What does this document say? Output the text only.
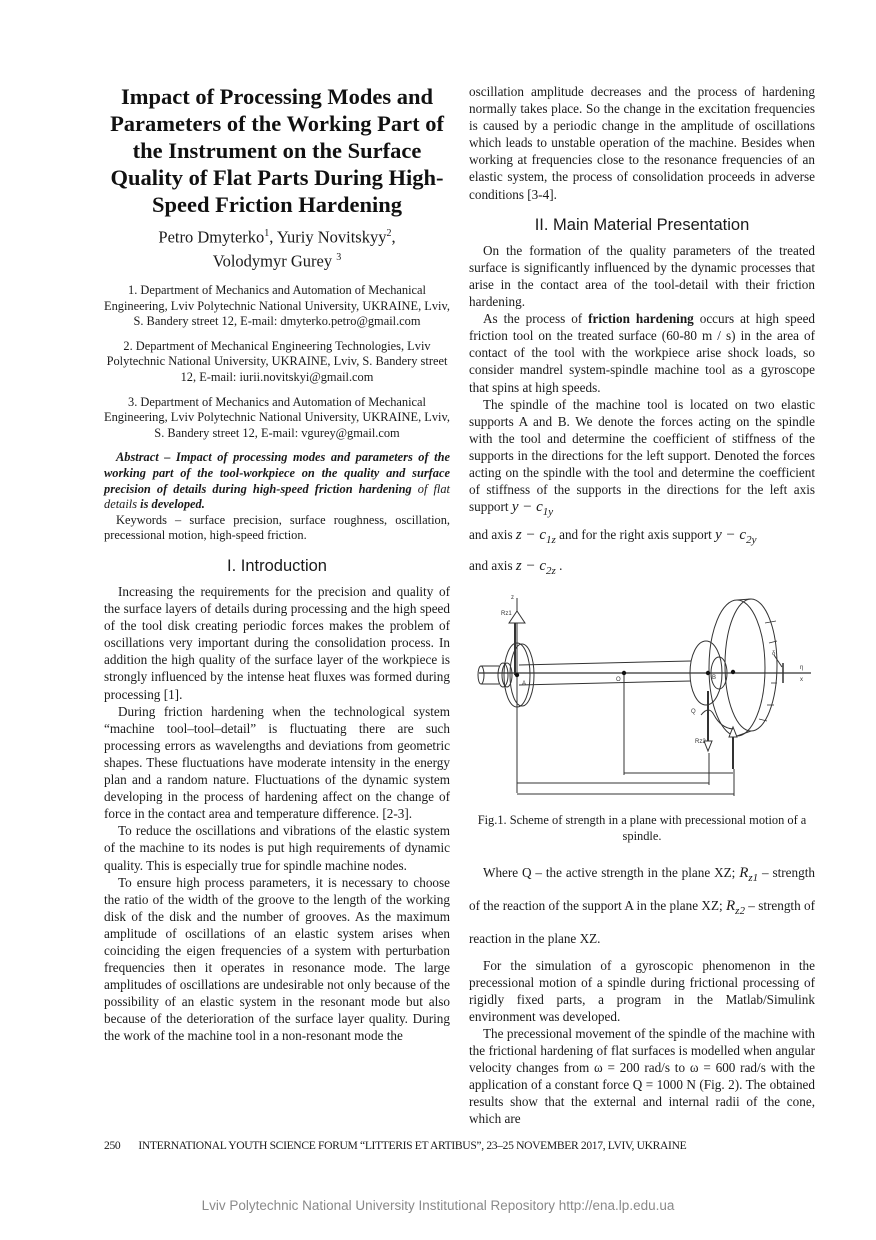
Impact of Processing Modes and Parameters of the Working Part of the Instrument on the Surface Quality of Flat Parts During High-Speed Friction Hardening
Petro Dmyterko$^1$, Yuriy Novitskyy$^2$,
Volodymyr Gurey $^3$
1. Department of Mechanics and Automation of Mechanical Engineering, Lviv Polytechnic National University, UKRAINE, Lviv, S. Bandery street 12, E-mail: dmyterko.petro@gmail.com
2. Department of Mechanical Engineering Technologies, Lviv Polytechnic National University, UKRAINE, Lviv, S. Bandery street 12, E-mail: iurii.novitskyi@gmail.com
3. Department of Mechanics and Automation of Mechanical Engineering, Lviv Polytechnic National University, UKRAINE, Lviv, S. Bandery street 12, E-mail: vgurey@gmail.com
Abstract – Impact of processing modes and parameters of the working part of the tool-workpiece on the quality and surface precision of details during high-speed friction hardening of flat details is developed.
Keywords – surface precision, surface roughness, oscillation, precessional motion, high-speed friction.
I. Introduction

Increasing the requirements for the precision and quality of the surface layers of details during processing and the high speed of the tool disk creating periodic forces makes the problem of oscillations very important during the consolidation process. In addition the high quality of the surface layer of the workpiece is strongly influenced by the intense heat fluxes was formed during processing [1].

During friction hardening when the technological system “machine tool–tool–detail” is fluctuating there are such processing errors as wavelengths and deviations from geometric shapes. These fluctuations have moderate intensity in the energy plan and a random nature. Fluctuations of the dynamic system developing in the process of hardening affect on the change of force in the contact area and temperature difference. [2-3].

To reduce the oscillations and vibrations of the elastic system of the machine to its nodes is put high requirements of dynamic quality. This is especially true for spindle machine nodes.

To ensure high process parameters, it is necessary to choose the ratio of the width of the groove to the length of the working disk of the disk and the number of grooves. As the maximum amplitude of oscillations of an elastic system arises when coinciding the eigen frequencies of a system with perturbation frequencies then it operates in resonance mode. The large amplitudes of oscillations are undesirable not only because of the possibility of an elastic system in the resonant mode but also because of the deterioration of the surface layer quality. During the work of the machine tool in a non-resonant mode the

oscillation amplitude decreases and the process of hardening normally takes place. So the change in the excitation frequencies is caused by a periodic change in the amplitude of oscillations which leads to unstable operation of the machine. Besides when working at frequencies close to the resonance frequencies of an elastic system, the process of consolidation proceeds in adverse conditions [3-4].

II. Main Material Presentation

On the formation of the quality parameters of the treated surface is significantly influenced by the dynamic processes that arise in the contact area of the tool-detail with their friction hardening.

As the process of friction hardening occurs at high speed friction tool on the treated surface (60-80 m / s) in the area of contact of the tool with the workpiece arise shock loads, so consider mandrel system-spindle machine tool as a gyroscope that spins at high speeds.

The spindle of the machine tool is located on two elastic supports A and B. We denote the forces acting on the spindle with the tool and determine the coefficient of stiffness of the supports in the directions for the left support. Denoted the forces acting on the spindle with the tool and determine the coefficient of stiffness of the supports in the directions for the left axis support $y - c_{1y}$

and axis $z - c_{1z}$ and for the right axis support $y - c_{2y}$
and axis $z - c_{2z}$ .
z
Rz1
A
O	B
δ
η
x
Q
Rz2
Fig.1. Scheme of strength in a plane with precessional motion of a spindle.

Where Q – the active strength in the plane XZ; $R_{z1}$ – strength of the reaction of the support A in the plane XZ; $R_{z2}$ – strength of reaction in the plane XZ.

For the simulation of a gyroscopic phenomenon in the precessional motion of a spindle during frictional processing of rigidly fixed parts, a program in the Matlab/Simulink environment was developed.

The precessional movement of the spindle of the machine with the frictional hardening of flat surfaces is modelled when angular velocity changes from ω = 200 rad/s to ω = 600 rad/s with the application of a constant force Q = 1000 N (Fig. 2). The obtained results show that the external and internal radii of the cone, which are

250 INTERNATIONAL YOUTH SCIENCE FORUM “LITTERIS ET ARTIBUS”, 23–25 NOVEMBER 2017, LVIV, UKRAINE
Lviv Polytechnic National University Institutional Repository http://ena.lp.edu.ua
